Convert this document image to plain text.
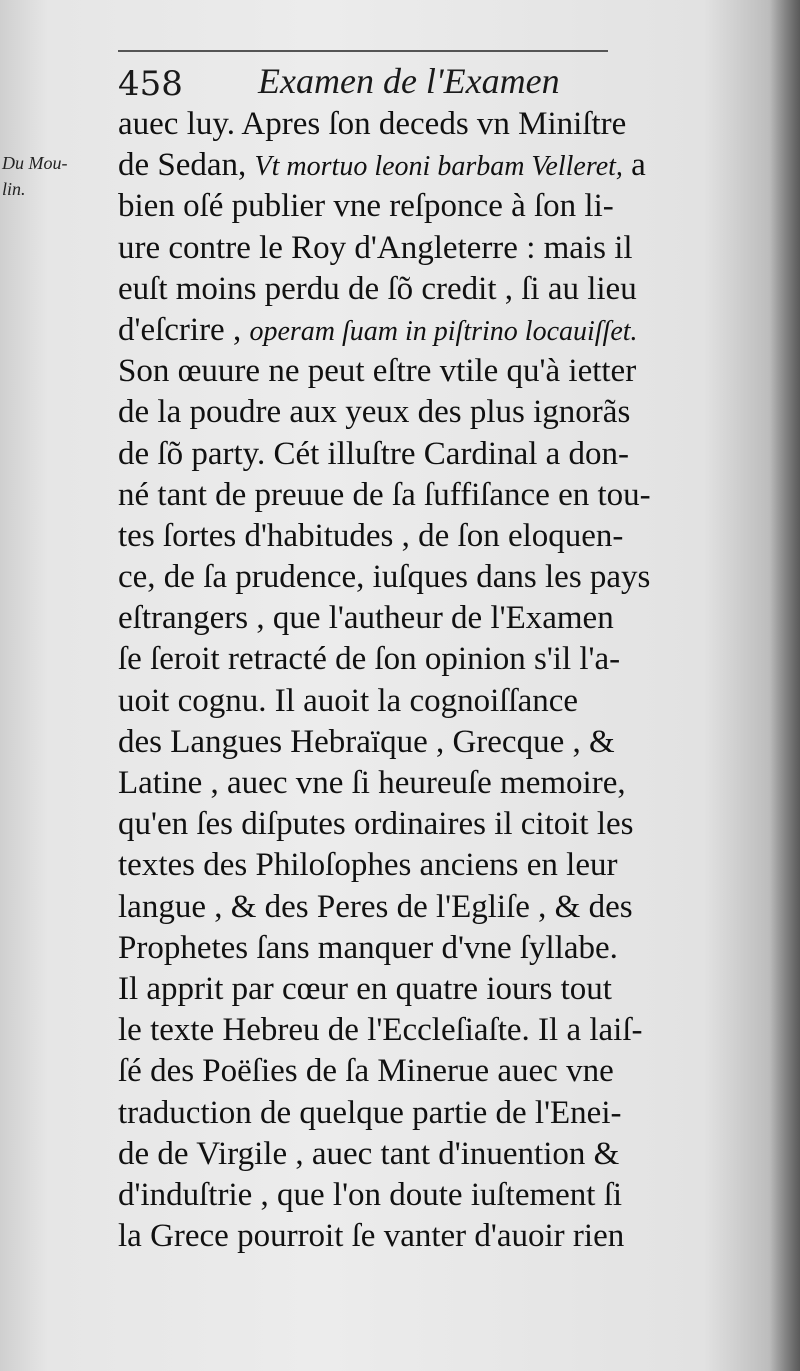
458 Examen de l'Examen
Du Mou-
lin.
auec luy. Apres ſon deceds vn Miniſtre
de Sedan, Vt mortuo leoni barbam Velleret, a
bien oſé publier vne reſponce à ſon li-
ure contre le Roy d'Angleterre : mais il
euſt moins perdu de ſõ credit , ſi au lieu
d'eſcrire , operam ſuam in piſtrino locauiſſet.
Son œuure ne peut eſtre vtile qu'à ietter
de la poudre aux yeux des plus ignorãs
de ſõ party. Cét illuſtre Cardinal a don-
né tant de preuue de ſa ſuffiſance en tou-
tes ſortes d'habitudes , de ſon eloquen-
ce, de ſa prudence, iuſques dans les pays
eſtrangers , que l'autheur de l'Examen
ſe ſeroit retracté de ſon opinion s'il l'a-
uoit cognu. Il auoit la cognoiſſance
des Langues Hebraïque , Grecque , &
Latine , auec vne ſi heureuſe memoire,
qu'en ſes diſputes ordinaires il citoit les
textes des Philoſophes anciens en leur
langue , & des Peres de l'Egliſe , & des
Prophetes ſans manquer d'vne ſyllabe.
Il apprit par cœur en quatre iours tout
le texte Hebreu de l'Eccleſiaſte. Il a laiſ-
ſé des Poëſies de ſa Minerue auec vne
traduction de quelque partie de l'Enei-
de de Virgile , auec tant d'inuention &
d'induſtrie , que l'on doute iuſtement ſi
la Grece pourroit ſe vanter d'auoir rien
